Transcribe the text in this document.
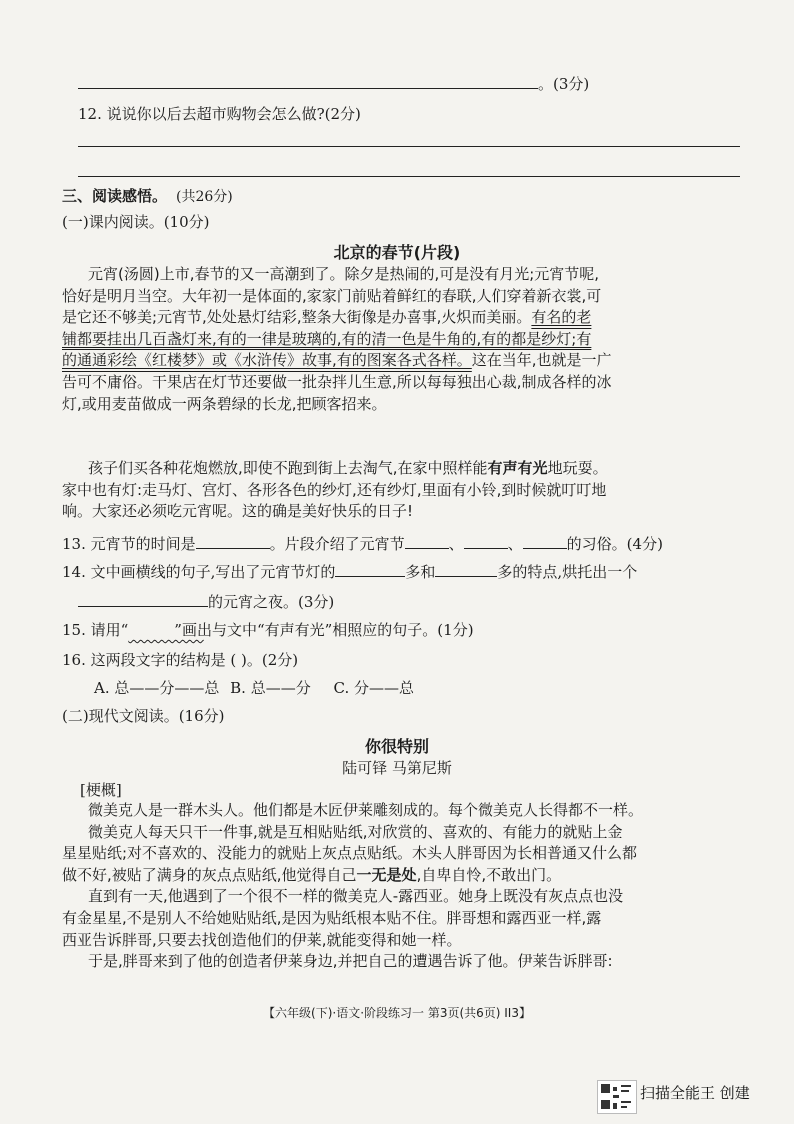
。(3分)
12. 说说你以后去超市购物会怎么做?(2分)
三、阅读感悟。 (共26分)
(一)课内阅读。(10分)
北京的春节(片段)
元宵(汤圆)上市,春节的又一高潮到了。除夕是热闹的,可是没有月光;元宵节呢,
恰好是明月当空。大年初一是体面的,家家门前贴着鲜红的春联,人们穿着新衣裳,可
是它还不够美;元宵节,处处悬灯结彩,整条大街像是办喜事,火炽而美丽。有名的老
铺都要挂出几百盏灯来,有的一律是玻璃的,有的清一色是牛角的,有的都是纱灯;有
的通通彩绘《红楼梦》或《水浒传》故事,有的图案各式各样。这在当年,也就是一广
告可不庸俗。干果店在灯节还要做一批杂拌儿生意,所以每每独出心裁,制成各样的冰
灯,或用麦苗做成一两条碧绿的长龙,把顾客招来。
孩子们买各种花炮燃放,即使不跑到街上去淘气,在家中照样能有声有光地玩耍。
家中也有灯:走马灯、宫灯、各形各色的纱灯,还有纱灯,里面有小铃,到时候就叮叮地
响。大家还必须吃元宵呢。这的确是美好快乐的日子!
13. 元宵节的时间是	。片段介绍了元宵节	、	、	的习俗。(4分)
14. 文中画横线的句子,写出了元宵节灯的	多和	多的特点,烘托出一个
的元宵之夜。(3分)
15. 请用“	”画出与文中“有声有光”相照应的句子。(1分)
16. 这两段文字的结构是 ( )。(2分)
A. 总——分——总 B. 总——分 C. 分——总
(二)现代文阅读。(16分)
你很特别
陆可铎 马第尼斯
[梗概]
微美克人是一群木头人。他们都是木匠伊莱雕刻成的。每个微美克人长得都不一样。
微美克人每天只干一件事,就是互相贴贴纸,对欣赏的、喜欢的、有能力的就贴上金
星星贴纸;对不喜欢的、没能力的就贴上灰点点贴纸。木头人胖哥因为长相普通又什么都
做不好,被贴了满身的灰点点贴纸,他觉得自己一无是处,自卑自怜,不敢出门。
直到有一天,他遇到了一个很不一样的微美克人-露西亚。她身上既没有灰点点也没
有金星星,不是别人不给她贴贴纸,是因为贴纸根本贴不住。胖哥想和露西亚一样,露
西亚告诉胖哥,只要去找创造他们的伊莱,就能变得和她一样。
于是,胖哥来到了他的创造者伊莱身边,并把自己的遭遇告诉了他。伊莱告诉胖哥:
【六年级(下)·语文·阶段练习一 第3页(共6页) II3】
扫描全能王 创建
